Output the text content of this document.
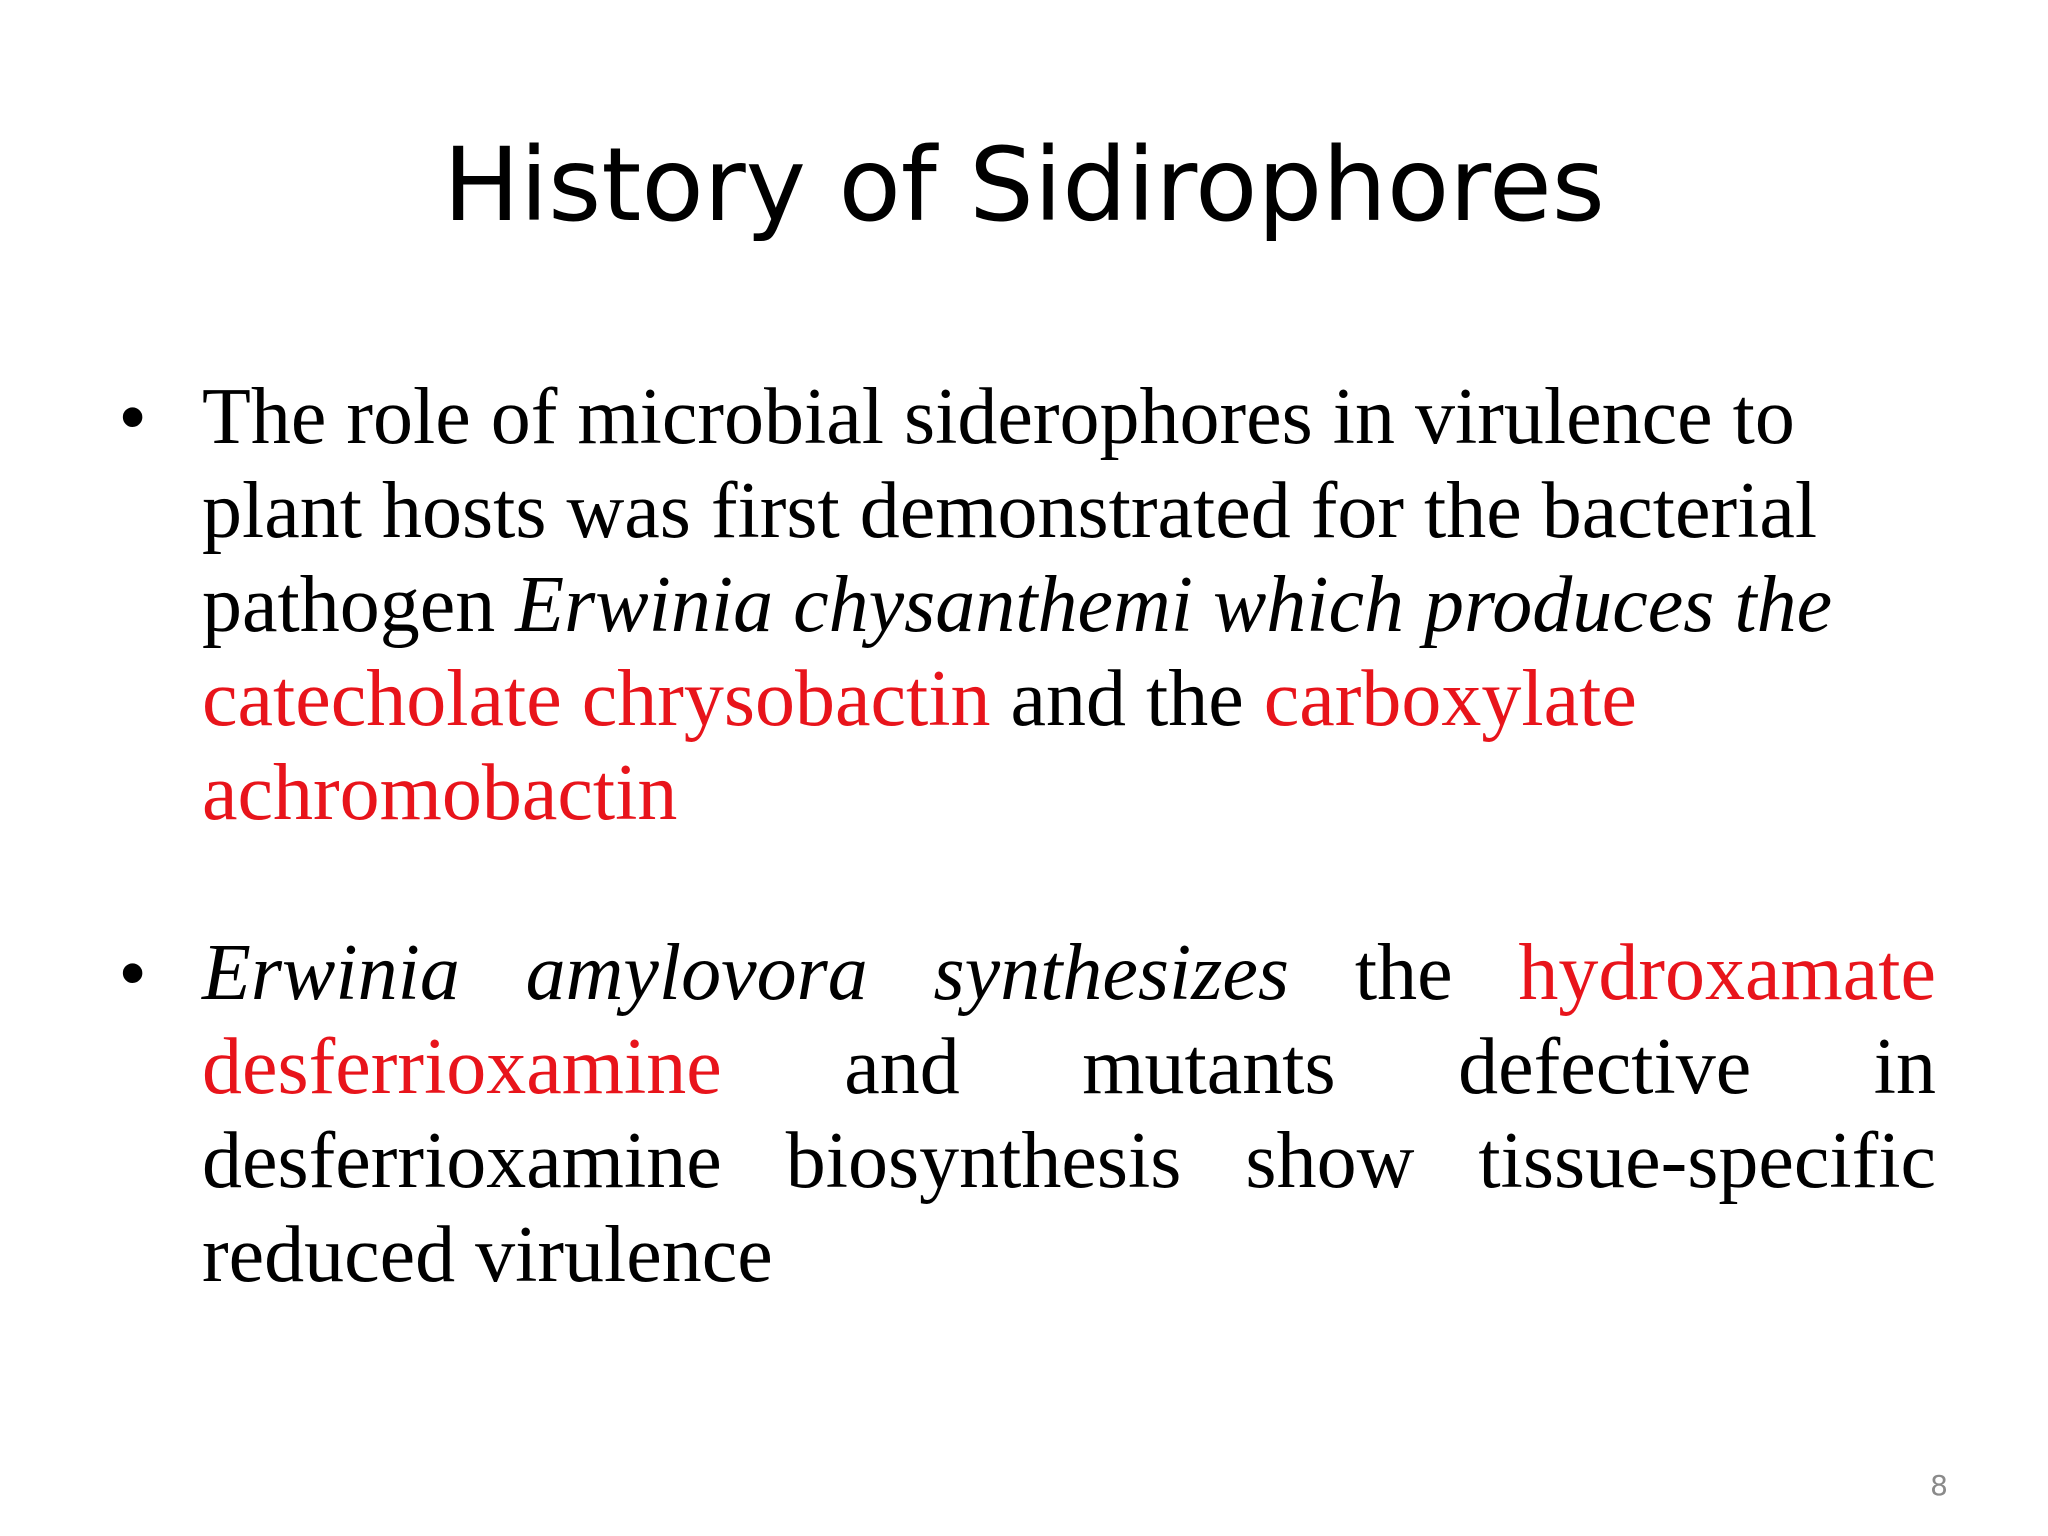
History of Sidirophores
• The role of microbial siderophores in virulence to plant hosts was first demonstrated for the bacterial pathogen Erwinia chysanthemi which produces the catecholate chrysobactin and the carboxylate achromobactin
• Erwinia amylovora synthesizes the hydroxamate desferrioxamine and mutants defective in desferrioxamine biosynthesis show tissue-specific reduced virulence
8
